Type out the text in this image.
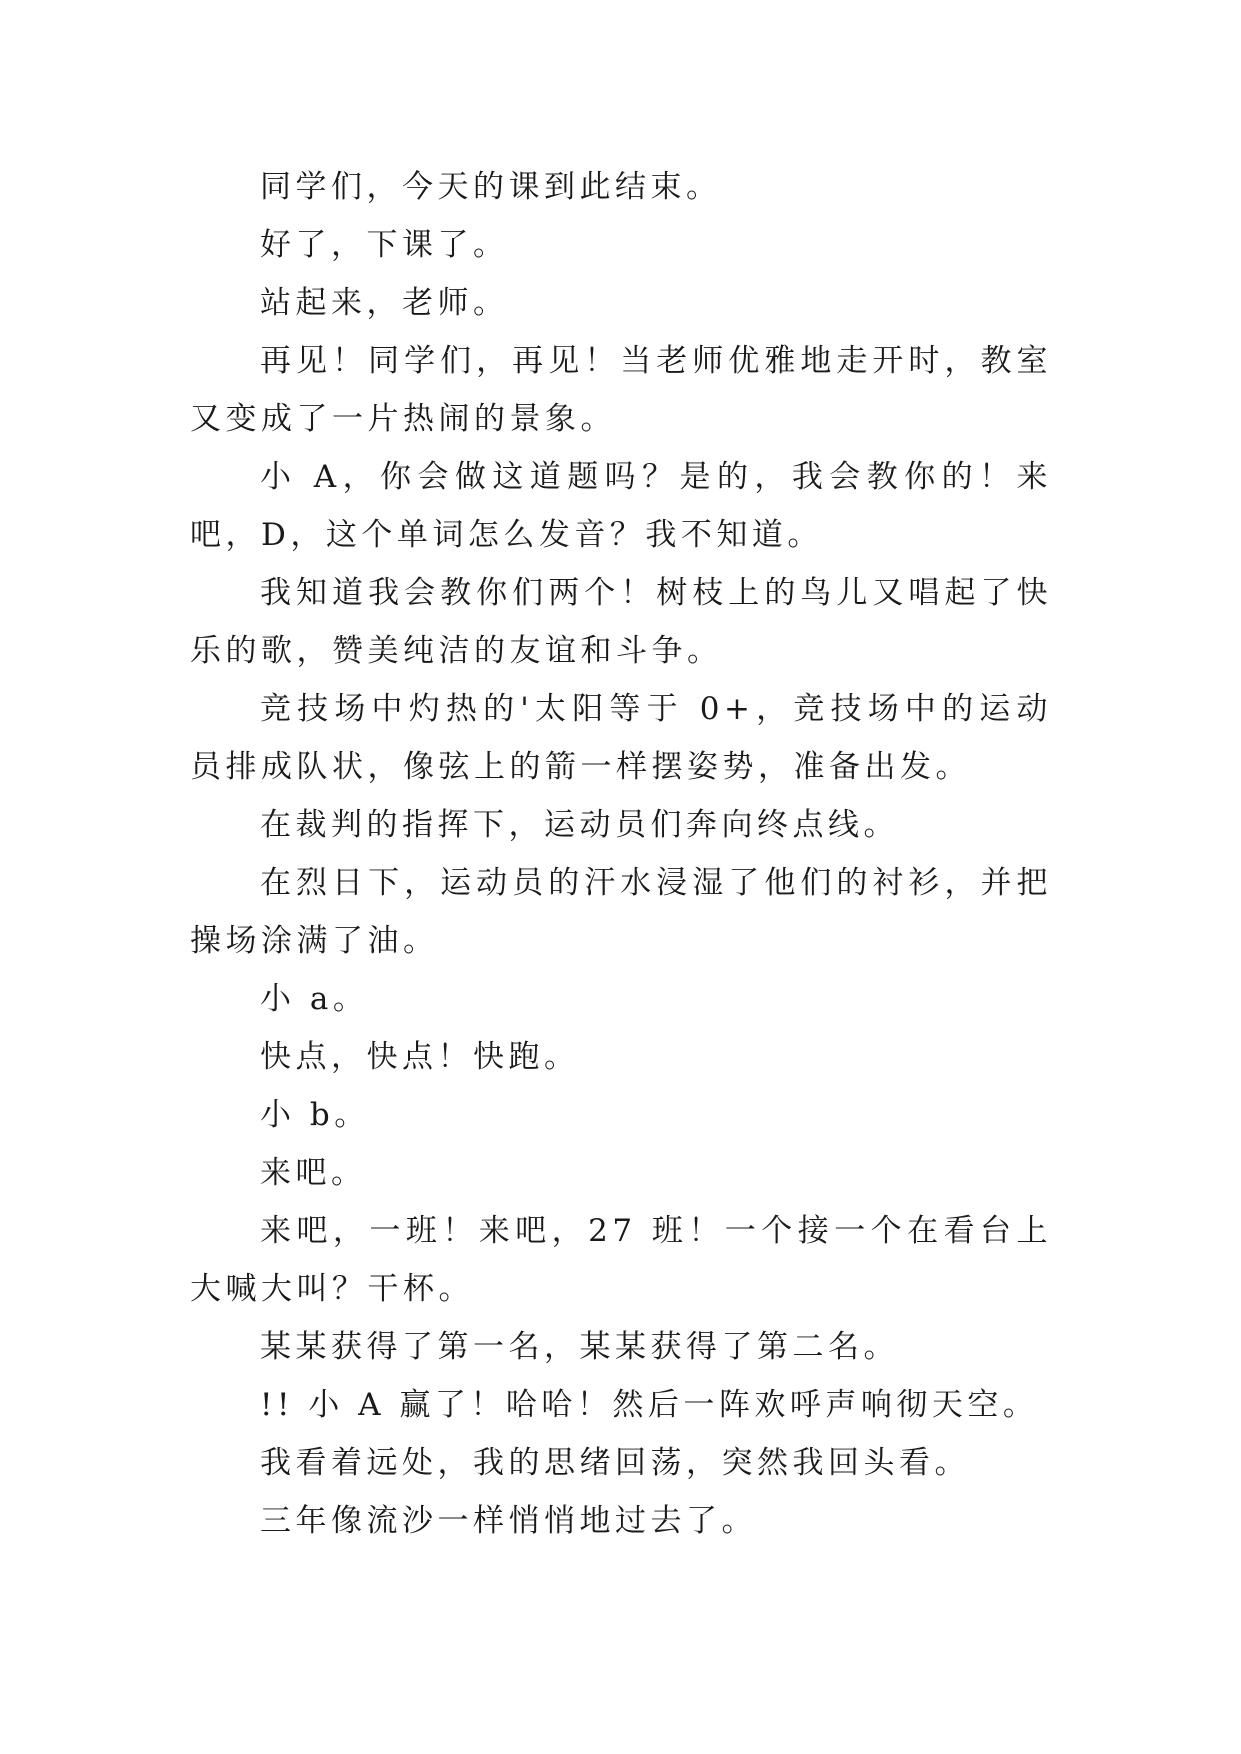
同学们，今天的课到此结束。

好了，下课了。

站起来，老师。

再见！同学们，再见！当老师优雅地走开时，教室又变成了一片热闹的景象。

小 A，你会做这道题吗？是的，我会教你的！来吧，D，这个单词怎么发音？我不知道。

我知道我会教你们两个！树枝上的鸟儿又唱起了快乐的歌，赞美纯洁的友谊和斗争。

竞技场中灼热的'太阳等于 0+，竞技场中的运动员排成队状，像弦上的箭一样摆姿势，准备出发。

在裁判的指挥下，运动员们奔向终点线。

在烈日下，运动员的汗水浸湿了他们的衬衫，并把操场涂满了油。

小 a。

快点，快点！快跑。

小 b。

来吧。

来吧，一班！来吧，27 班！一个接一个在看台上大喊大叫？干杯。

某某获得了第一名，某某获得了第二名。

!! 小 A 赢了！哈哈！然后一阵欢呼声响彻天空。

我看着远处，我的思绪回荡，突然我回头看。

三年像流沙一样悄悄地过去了。
